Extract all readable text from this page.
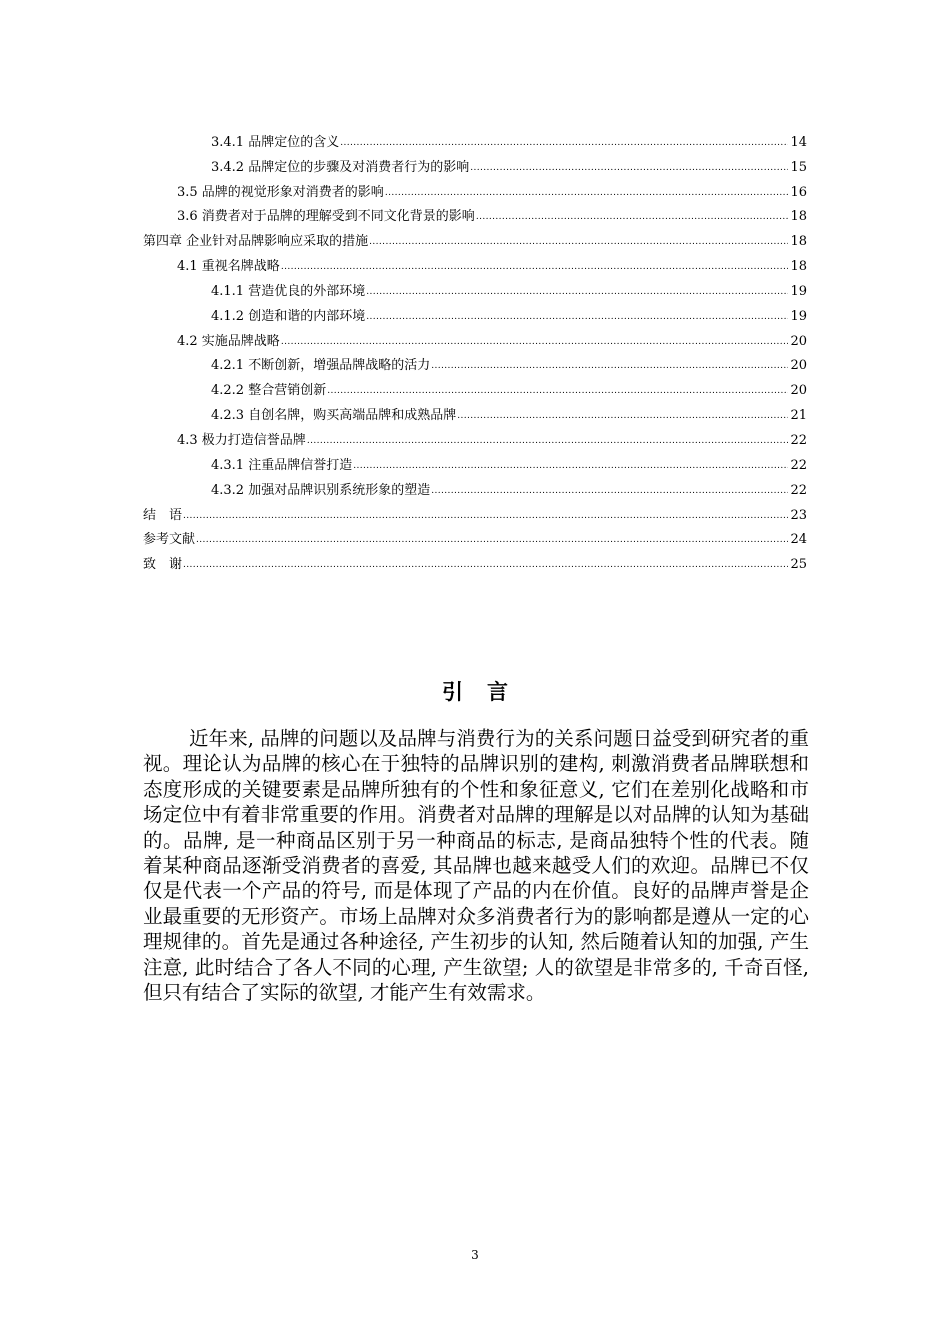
3.4.1 品牌定位的含义 .....	14
3.4.2 品牌定位的步骤及对消费者行为的影响 .....	15
3.5 品牌的视觉形象对消费者的影响 .....	16
3.6 消费者对于品牌的理解受到不同文化背景的影响 .....	18
第四章 企业针对品牌影响应采取的措施 .....	18
4.1 重视名牌战略 .....	18
4.1.1 营造优良的外部环境 .....	19
4.1.2 创造和谐的内部环境 .....	19
4.2 实施品牌战略 .....	20
4.2.1 不断创新，增强品牌战略的活力 .....	20
4.2.2 整合营销创新 .....	20
4.2.3 自创名牌，购买高端品牌和成熟品牌 .....	21
4.3 极力打造信誉品牌 .....	22
4.3.1 注重品牌信誉打造 .....	22
4.3.2 加强对品牌识别系统形象的塑造 .....	22
结　语 .....	23
参考文献 .....	24
致　谢 .....	25
引言

近年来, 品牌的问题以及品牌与消费行为的关系问题日益受到研究者的重视。理论认为品牌的核心在于独特的品牌识别的建构, 刺激消费者品牌联想和态度形成的关键要素是品牌所独有的个性和象征意义, 它们在差别化战略和市场定位中有着非常重要的作用。消费者对品牌的理解是以对品牌的认知为基础的。品牌, 是一种商品区别于另一种商品的标志, 是商品独特个性的代表。随着某种商品逐渐受消费者的喜爱, 其品牌也越来越受人们的欢迎。品牌已不仅仅是代表一个产品的符号, 而是体现了产品的内在价值。良好的品牌声誉是企业最重要的无形资产。市场上品牌对众多消费者行为的影响都是遵从一定的心理规律的。首先是通过各种途径, 产生初步的认知, 然后随着认知的加强, 产生注意, 此时结合了各人不同的心理, 产生欲望; 人的欲望是非常多的, 千奇百怪, 但只有结合了实际的欲望, 才能产生有效需求。

3
